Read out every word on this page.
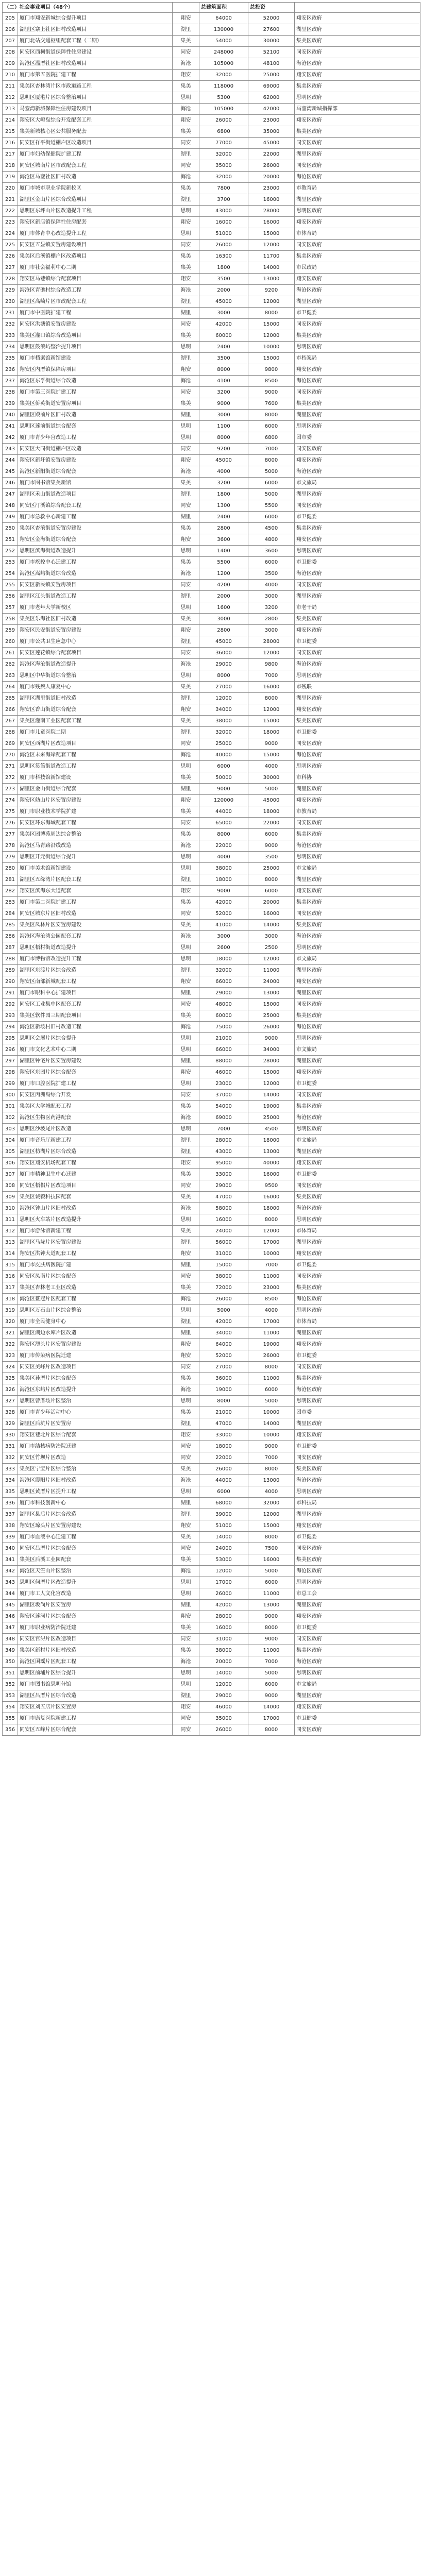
（二）社会事业项目（48个）			总建筑面积	总投资	
205	厦门市翔安新城综合提升项目	翔安	64000	52000	翔安区政府
206	湖里区寨上社区旧村改造项目	湖里	130000	27600	湖里区政府
207	厦门北站交通枢纽配套工程（二期）	集美	54000	30000	集美区政府
208	同安区西柯街道保障性住房建设	同安	248000	52100	同安区政府
209	海沧区温厝社区旧村改造项目	海沧	105000	48100	海沧区政府
210	厦门市第五医院扩建工程	翔安	32000	25000	翔安区政府
211	集美区杏林湾片区市政道路工程	集美	118000	69000	集美区政府
212	思明区厦港片区综合整治项目	思明	5300	62000	思明区政府
213	马銮湾新城保障性住房建设项目	海沧	105000	42000	马銮湾新城指挥部
214	翔安区大嶝岛综合开发配套工程	翔安	26000	23000	翔安区政府
215	集美新城核心区公共服务配套	集美	6800	35000	集美区政府
216	同安区祥平街道棚户区改造项目	同安	77000	45000	同安区政府
217	厦门市妇幼保健院扩建工程	湖里	32000	22000	湖里区政府
218	同安区城南片区市政配套工程	同安	35000	26000	同安区政府
219	海沧区马銮社区旧村改造	海沧	32000	20000	海沧区政府
220	厦门市城市职业学院新校区	集美	7800	23000	市教育局
221	湖里区金山片区综合改造项目	湖里	3700	16000	湖里区政府
222	思明区东坪山片区改造提升工程	思明	43000	28000	思明区政府
223	翔安区新店镇保障性住房配套	翔安	16000	16000	翔安区政府
224	厦门市体育中心改造提升工程	思明	51000	15000	市体育局
225	同安区五显镇安置房建设项目	同安	26000	12000	同安区政府
226	集美区后溪镇棚户区改造项目	集美	16300	11700	集美区政府
227	厦门市社会福利中心二期	集美	1800	14000	市民政局
228	翔安区马巷镇综合配套项目	翔安	3500	13000	翔安区政府
229	海沧区青礁村综合改造工程	海沧	2000	9200	海沧区政府
230	湖里区高崎片区市政配套工程	湖里	45000	12000	湖里区政府
231	厦门市中医院扩建工程	湖里	3000	8000	市卫健委
232	同安区洪塘镇安置房建设	同安	42000	15000	同安区政府
233	集美区灌口镇综合改造项目	集美	60000	12000	集美区政府
234	思明区鼓浪屿整治提升项目	思明	2400	10000	思明区政府
235	厦门市档案馆新馆建设	湖里	3500	15000	市档案局
236	翔安区内厝镇保障房项目	翔安	8000	9800	翔安区政府
237	海沧区东孚街道综合改造	海沧	4100	8500	海沧区政府
238	厦门市第三医院扩建工程	同安	3200	9000	同安区政府
239	集美区侨英街道安置房项目	集美	9000	7600	集美区政府
240	湖里区殿前片区旧村改造	湖里	3000	8000	湖里区政府
241	思明区莲前街道综合配套	思明	1100	6000	思明区政府
242	厦门市青少年宫改造工程	思明	8000	6800	团市委
243	同安区大同街道棚户区改造	同安	9200	7000	同安区政府
244	翔安区新圩镇安置房建设	翔安	45000	8000	翔安区政府
245	海沧区新阳街道综合配套	海沧	4000	5000	海沧区政府
246	厦门市图书馆集美新馆	集美	3200	6000	市文旅局
247	湖里区禾山街道改造项目	湖里	1800	5000	湖里区政府
248	同安区汀溪镇综合配套工程	同安	1300	5500	同安区政府
249	厦门市急救中心新建工程	湖里	2400	6000	市卫健委
250	集美区杏滨街道安置房建设	集美	2800	4500	集美区政府
251	翔安区金海街道综合配套	翔安	3600	4800	翔安区政府
252	思明区滨海街道改造提升	思明	1400	3600	思明区政府
253	厦门市疾控中心迁建工程	集美	5500	6000	市卫健委
254	海沧区嵩屿街道综合改造	海沧	1200	3500	海沧区政府
255	同安区新民镇安置房项目	同安	4200	4000	同安区政府
256	湖里区江头街道改造工程	湖里	2000	3000	湖里区政府
257	厦门市老年大学新校区	思明	1600	3200	市老干局
258	集美区乐海社区旧村改造	集美	3000	2800	集美区政府
259	翔安区民安街道安置房建设	翔安	2800	3000	翔安区政府
260	厦门市公共卫生应急中心	湖里	45000	28000	市卫健委
261	同安区莲花镇综合配套项目	同安	36000	12000	同安区政府
262	海沧区海沧街道改造提升	海沧	29000	9800	海沧区政府
263	思明区中华街道综合整治	思明	8000	7000	思明区政府
264	厦门市残疾人康复中心	集美	27000	16000	市残联
265	湖里区湖里街道旧村改造	湖里	12000	8000	湖里区政府
266	翔安区香山街道综合配套	翔安	34000	12000	翔安区政府
267	集美区灌南工业区配套工程	集美	38000	15000	集美区政府
268	厦门市儿童医院二期	湖里	32000	18000	市卫健委
269	同安区西湖片区改造项目	同安	25000	9000	同安区政府
270	海沧区未来海岸配套工程	海沧	40000	15000	海沧区政府
271	思明区筼筜街道改造工程	思明	6000	4000	思明区政府
272	厦门市科技馆新馆建设	集美	50000	30000	市科协
273	湖里区金山街道综合配套	湖里	9000	5000	湖里区政府
274	翔安区舫山片区安置房建设	翔安	120000	45000	翔安区政府
275	厦门市职业技术学院扩建	集美	44000	18000	市教育局
276	同安区环东海域配套工程	同安	65000	22000	同安区政府
277	集美区园博苑周边综合整治	集美	8000	6000	集美区政府
278	海沧区马青路沿线改造	海沧	22000	9000	海沧区政府
279	思明区开元街道综合提升	思明	4000	3500	思明区政府
280	厦门市美术馆新馆建设	思明	38000	25000	市文旅局
281	湖里区五缘湾片区配套工程	湖里	18000	8000	湖里区政府
282	翔安区滨海东大道配套	翔安	9000	6000	翔安区政府
283	厦门市第二医院扩建工程	集美	42000	20000	集美区政府
284	同安区城东片区旧村改造	同安	52000	16000	同安区政府
285	集美区凤林片区安置房建设	集美	41000	14000	集美区政府
286	海沧区海沧湾公园配套工程	海沧	3000	3000	海沧区政府
287	思明区梧村街道改造提升	思明	2600	2500	思明区政府
288	厦门市博物馆改造提升工程	思明	18000	12000	市文旅局
289	湖里区东渡片区综合改造	湖里	32000	11000	湖里区政府
290	翔安区南部新城配套工程	翔安	66000	24000	翔安区政府
291	厦门市眼科中心扩建项目	湖里	29000	13000	湖里区政府
292	同安区工业集中区配套工程	同安	48000	15000	同安区政府
293	集美区软件园三期配套项目	集美	60000	25000	集美区政府
294	海沧区新垵村旧村改造工程	海沧	75000	26000	海沧区政府
295	思明区会展片区综合提升	思明	21000	9000	思明区政府
296	厦门市文化艺术中心二期	思明	66000	34000	市文旅局
297	湖里区钟宅片区安置房建设	湖里	88000	28000	湖里区政府
298	翔安区东园片区综合配套	翔安	46000	15000	翔安区政府
299	厦门市口腔医院扩建工程	思明	23000	12000	市卫健委
300	同安区丙洲岛综合开发	同安	37000	14000	同安区政府
301	集美区大学城配套工程	集美	54000	19000	集美区政府
302	海沧区生物医药港配套	海沧	69000	25000	海沧区政府
303	思明区沙坡尾片区改造	思明	7000	4500	思明区政府
304	厦门市音乐厅新建工程	湖里	28000	18000	市文旅局
305	湖里区枋湖片区综合改造	湖里	43000	13000	湖里区政府
306	翔安区翔安机场配套工程	翔安	95000	40000	翔安区政府
307	厦门市精神卫生中心迁建	集美	33000	16000	市卫健委
308	同安区梧侣片区改造项目	同安	29000	9500	同安区政府
309	集美区诚毅科技园配套	集美	47000	16000	集美区政府
310	海沧区钟山片区旧村改造	海沧	58000	18000	海沧区政府
311	思明区火车站片区改造提升	思明	16000	8000	思明区政府
312	厦门市游泳馆新建工程	集美	24000	12000	市体育局
313	湖里区马垅片区安置房建设	湖里	56000	17000	湖里区政府
314	翔安区洪钟大道配套工程	翔安	31000	10000	翔安区政府
315	厦门市皮肤病医院扩建	湖里	15000	7000	市卫健委
316	同安区凤南片区综合配套	同安	38000	11000	同安区政府
317	集美区杏林老工业区改造	集美	72000	23000	集美区政府
318	海沧区鳌冠片区配套工程	海沧	26000	8500	海沧区政府
319	思明区万石山片区综合整治	思明	5000	4000	思明区政府
320	厦门市全民健身中心	湖里	42000	17000	市体育局
321	湖里区湖边水库片区改造	湖里	34000	11000	湖里区政府
322	翔安区澳头片区安置房建设	翔安	64000	19000	翔安区政府
323	厦门市传染病医院迁建	翔安	52000	26000	市卫健委
324	同安区美峰片区改造项目	同安	27000	8000	同安区政府
325	集美区孙厝片区综合配套	集美	36000	11000	集美区政府
326	海沧区东屿片区改造提升	海沧	19000	6000	海沧区政府
327	思明区曾厝垵片区整治	思明	8000	5000	思明区政府
328	厦门市青少年活动中心	集美	21000	10000	团市委
329	湖里区后坑片区安置房	湖里	47000	14000	湖里区政府
330	翔安区巷北片区综合配套	翔安	33000	10000	翔安区政府
331	厦门市结核病防治院迁建	同安	18000	9000	市卫健委
332	同安区竹坝片区改造	同安	22000	7000	同安区政府
333	集美区宁宝片区综合整治	集美	26000	8000	集美区政府
334	海沧区霞阳片区旧村改造	海沧	44000	13000	海沧区政府
335	思明区黄厝片区提升工程	思明	6000	4000	思明区政府
336	厦门市科技创新中心	湖里	68000	32000	市科技局
337	湖里区县后片区综合改造	湖里	39000	12000	湖里区政府
338	翔安区琼头片区安置房建设	翔安	51000	15000	翔安区政府
339	厦门市血液中心迁建工程	集美	14000	8000	市卫健委
340	同安区吕厝片区综合配套	同安	24000	7500	同安区政府
341	集美区后溪工业园配套	集美	53000	16000	集美区政府
342	海沧区天竺山片区整治	海沧	12000	5000	海沧区政府
343	思明区何厝片区改造提升	思明	17000	6000	思明区政府
344	厦门市工人文化宫改造	思明	26000	11000	市总工会
345	湖里区坂尚片区安置房	湖里	42000	13000	湖里区政府
346	翔安区莲河片区综合配套	翔安	28000	9000	翔安区政府
347	厦门市职业病防治院迁建	集美	16000	8000	市卫健委
348	同安区官浔片区改造项目	同安	31000	9000	同安区政府
349	集美区新村片区旧村改造	集美	38000	11000	集美区政府
350	海沧区囷瑶片区配套工程	海沧	20000	7000	海沧区政府
351	思明区前埔片区综合提升	思明	14000	5000	思明区政府
352	厦门市图书馆思明分馆	思明	12000	6000	市文旅局
353	湖里区吕厝片区综合改造	湖里	29000	9000	湖里区政府
354	翔安区刘五店片区安置房	翔安	46000	14000	翔安区政府
355	厦门市康复医院新建工程	同安	35000	17000	市卫健委
356	同安区五峰片区综合配套	同安	26000	8000	同安区政府
